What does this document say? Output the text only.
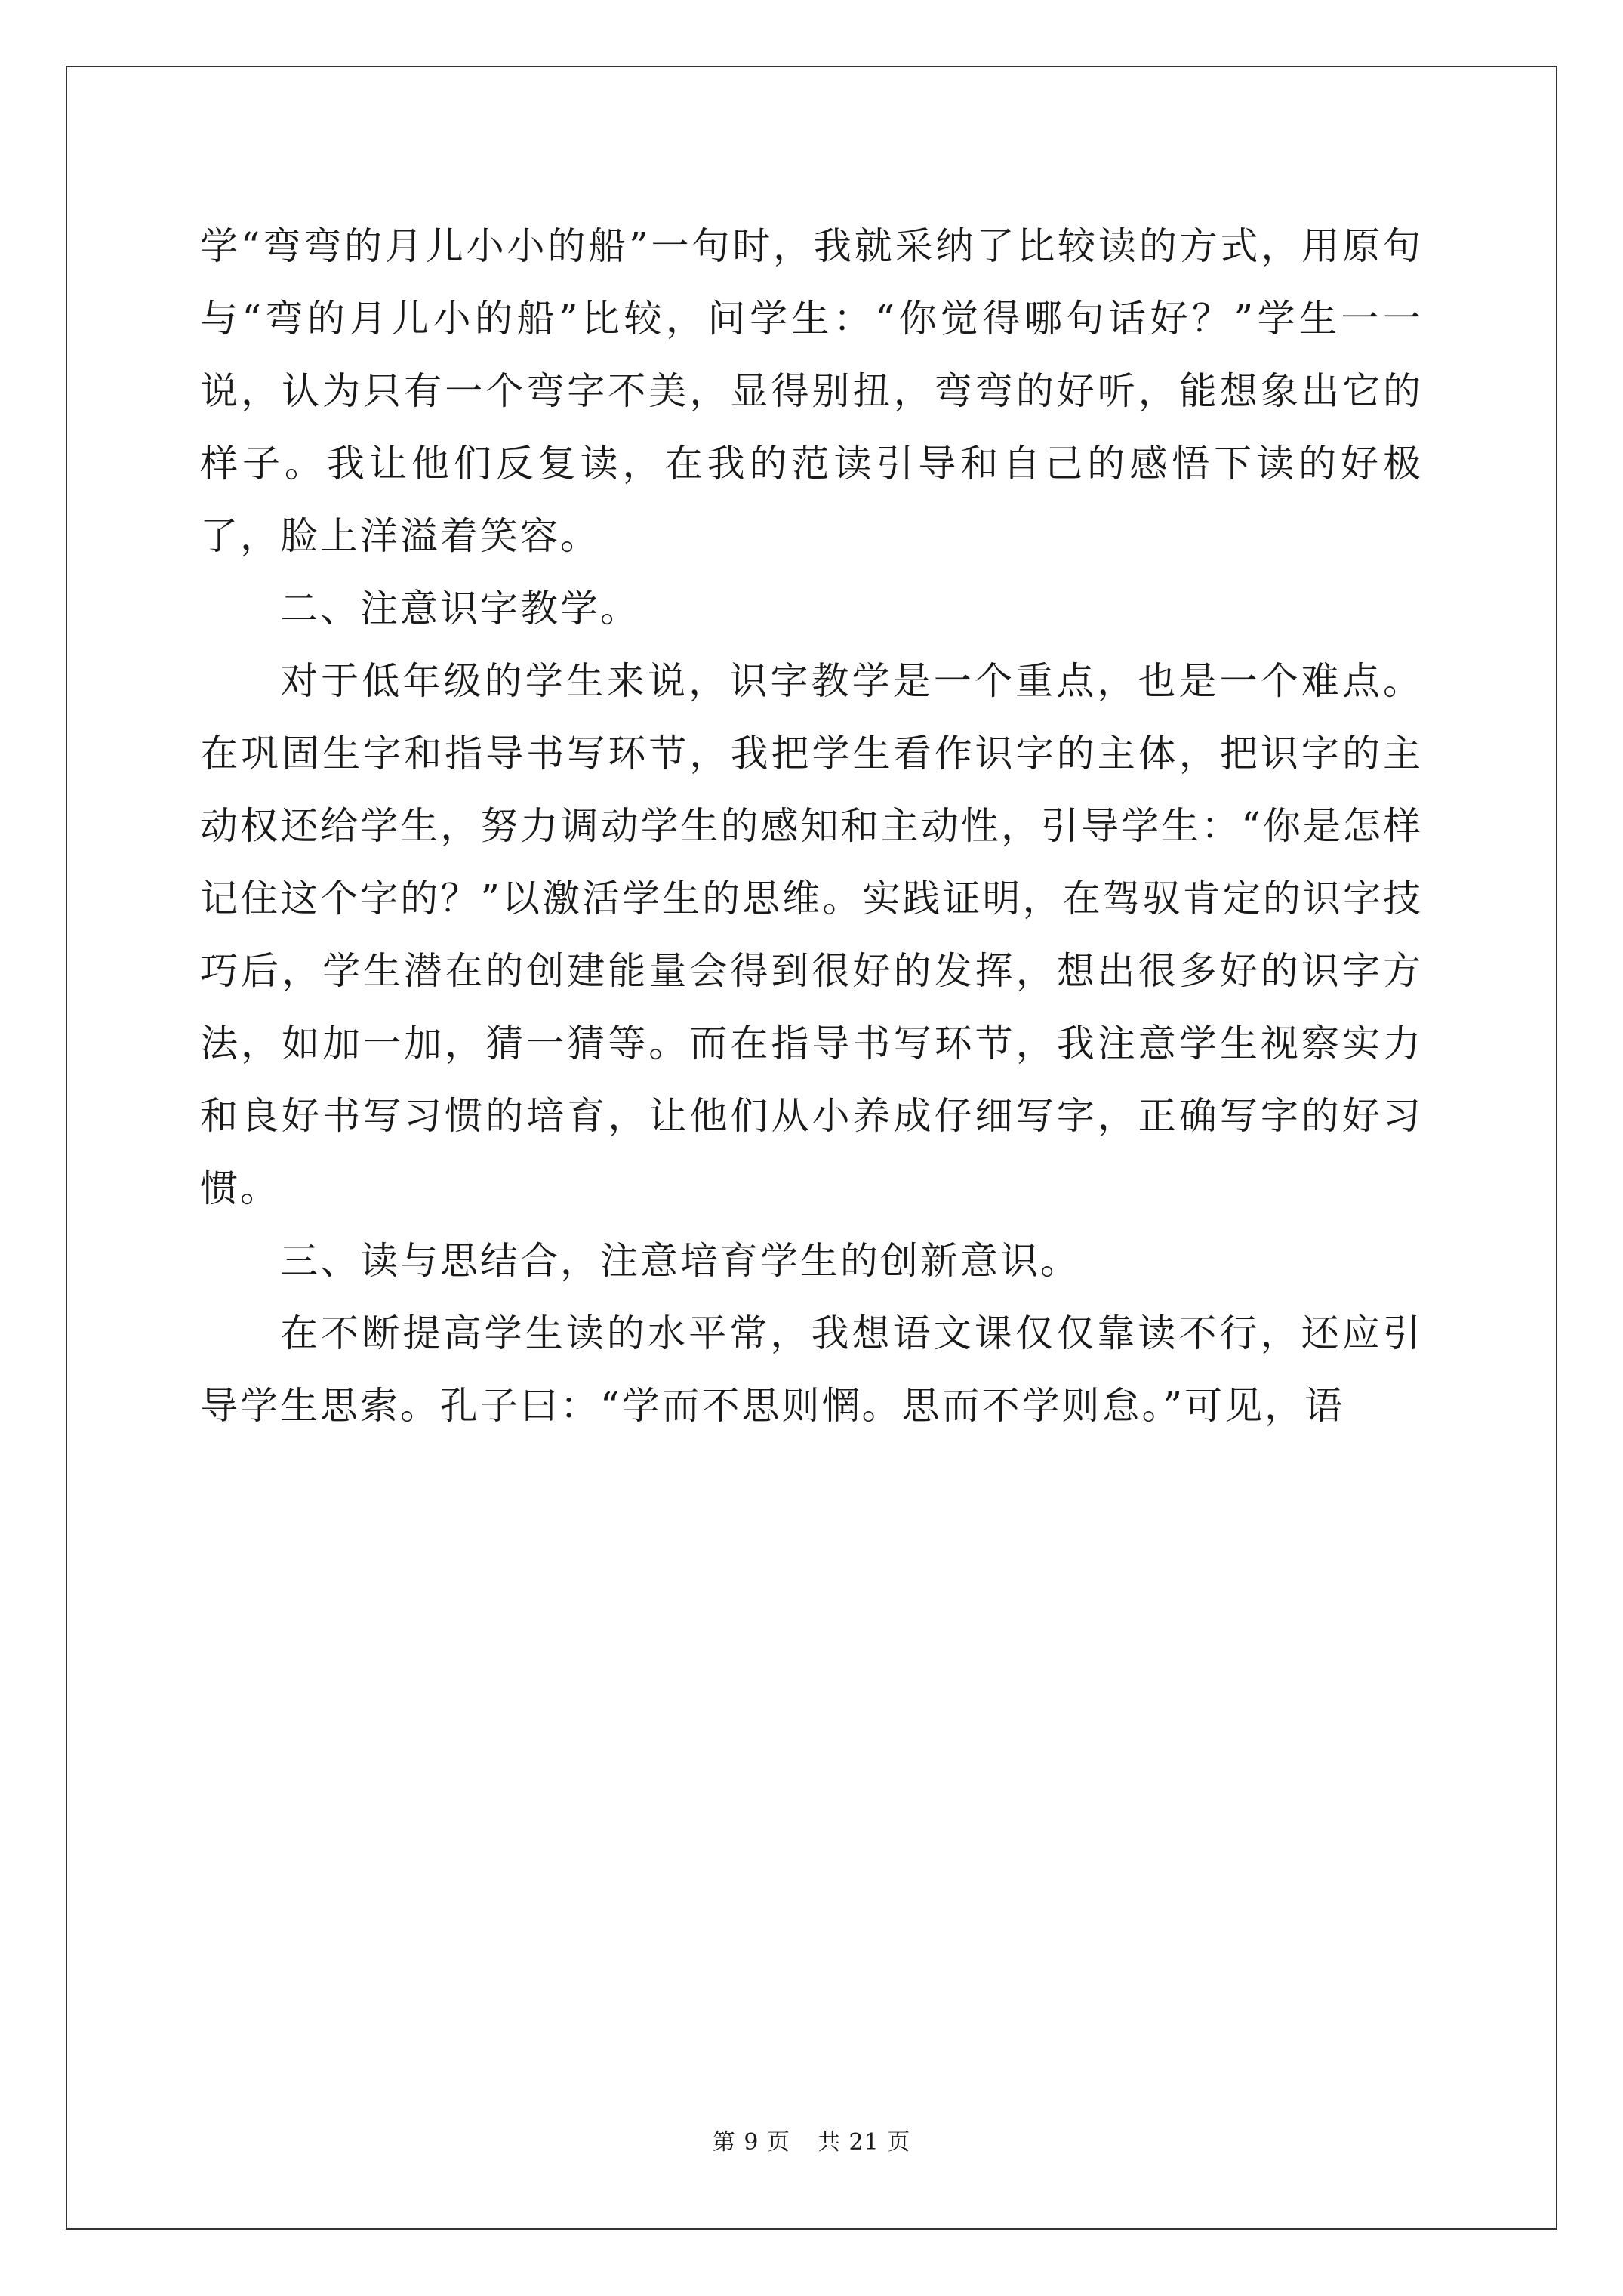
学“弯弯的月儿小小的船”一句时，我就采纳了比较读的方式，用原句与“弯的月儿小的船”比较，问学生：“你觉得哪句话好？”学生一一说，认为只有一个弯字不美，显得别扭，弯弯的好听，能想象出它的样子。我让他们反复读，在我的范读引导和自己的感悟下读的好极了，脸上洋溢着笑容。

二、注意识字教学。

对于低年级的学生来说，识字教学是一个重点，也是一个难点。在巩固生字和指导书写环节，我把学生看作识字的主体，把识字的主动权还给学生，努力调动学生的感知和主动性，引导学生：“你是怎样记住这个字的？”以激活学生的思维。实践证明，在驾驭肯定的识字技巧后，学生潜在的创建能量会得到很好的发挥，想出很多好的识字方法，如加一加，猜一猜等。而在指导书写环节，我注意学生视察实力和良好书写习惯的培育，让他们从小养成仔细写字，正确写字的好习惯。

三、读与思结合，注意培育学生的创新意识。

在不断提高学生读的水平常，我想语文课仅仅靠读不行，还应引导学生思索。孔子曰：“学而不思则惘。思而不学则怠。”可见，语

第 9 页 共 21 页
